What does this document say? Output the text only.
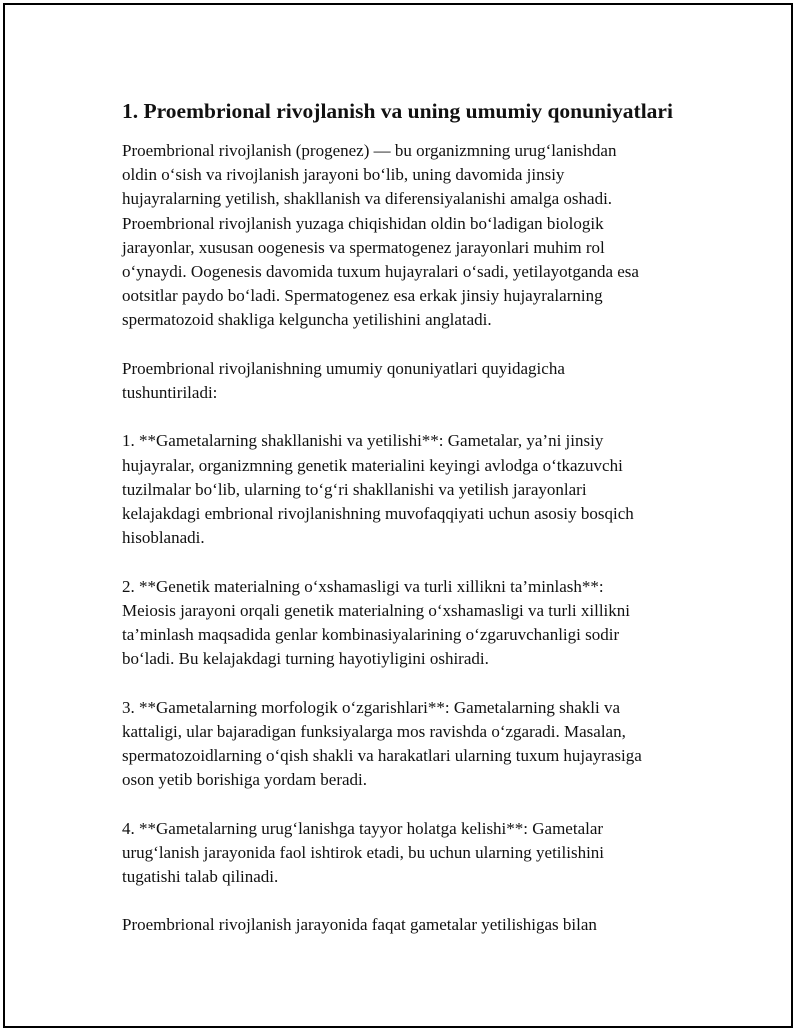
1. Proembrional rivojlanish va uning umumiy qonuniyatlari

Proembrional rivojlanish (progenez) — bu organizmning urug‘lanishdan
oldin o‘sish va rivojlanish jarayoni bo‘lib, uning davomida jinsiy
hujayralarning yetilish, shakllanish va diferensiyalanishi amalga oshadi.
Proembrional rivojlanish yuzaga chiqishidan oldin bo‘ladigan biologik
jarayonlar, xususan oogenesis va spermatogenez jarayonlari muhim rol
o‘ynaydi. Oogenesis davomida tuxum hujayralari o‘sadi, yetilayotganda esa
ootsitlar paydo bo‘ladi. Spermatogenez esa erkak jinsiy hujayralarning
spermatozoid shakliga kelguncha yetilishini anglatadi.

Proembrional rivojlanishning umumiy qonuniyatlari quyidagicha
tushuntiriladi:

1. **Gametalarning shakllanishi va yetilishi**: Gametalar, ya’ni jinsiy
hujayralar, organizmning genetik materialini keyingi avlodga o‘tkazuvchi
tuzilmalar bo‘lib, ularning to‘g‘ri shakllanishi va yetilish jarayonlari
kelajakdagi embrional rivojlanishning muvofaqqiyati uchun asosiy bosqich
hisoblanadi.

2. **Genetik materialning o‘xshamasligi va turli xillikni ta’minlash**:
Meiosis jarayoni orqali genetik materialning o‘xshamasligi va turli xillikni
ta’minlash maqsadida genlar kombinasiyalarining o‘zgaruvchanligi sodir
bo‘ladi. Bu kelajakdagi turning hayotiyligini oshiradi.

3. **Gametalarning morfologik o‘zgarishlari**: Gametalarning shakli va
kattaligi, ular bajaradigan funksiyalarga mos ravishda o‘zgaradi. Masalan,
spermatozoidlarning o‘qish shakli va harakatlari ularning tuxum hujayrasiga
oson yetib borishiga yordam beradi.

4. **Gametalarning urug‘lanishga tayyor holatga kelishi**: Gametalar
urug‘lanish jarayonida faol ishtirok etadi, bu uchun ularning yetilishini
tugatishi talab qilinadi.

Proembrional rivojlanish jarayonida faqat gametalar yetilishigas bilan
